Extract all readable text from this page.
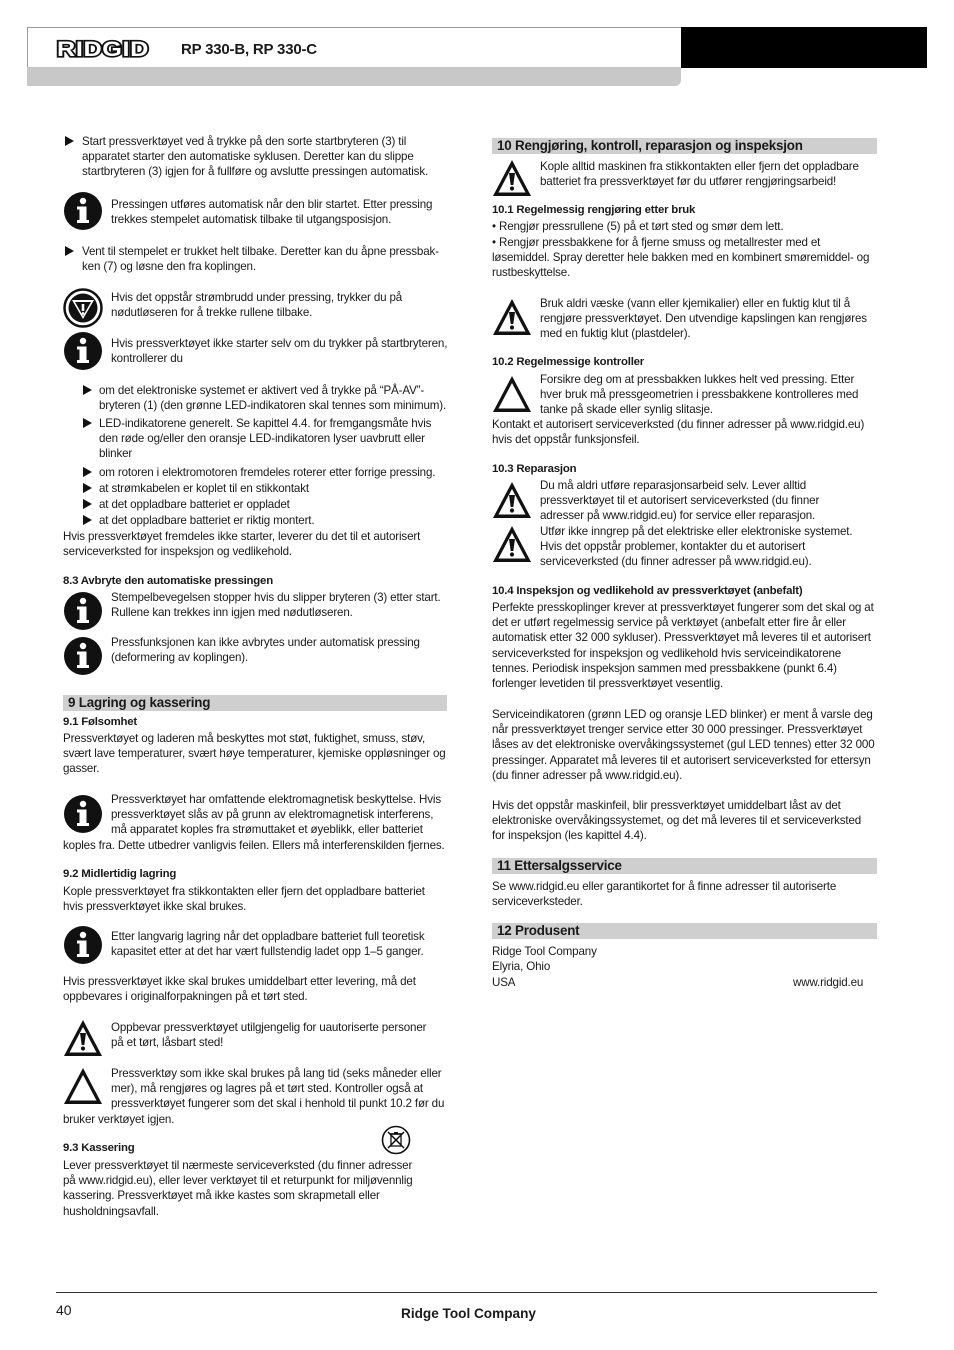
RIDGID RP 330-B, RP 330-C
Start pressverktøyet ved å trykke på den sorte startbryteren (3) til apparatet starter den automatiske syklusen. Deretter kan du slippe startbryteren (3) igjen for å fullføre og avslutte pressingen automatisk.
Pressingen utføres automatisk når den blir startet. Etter pressing trekkes stempelet automatisk tilbake til utgangsposisjon.
Vent til stempelet er trukket helt tilbake. Deretter kan du åpne pressbak- ken (7) og løsne den fra koplingen.
Hvis det oppstår strømbrudd under pressing, trykker du på nødutløseren for å trekke rullene tilbake.
Hvis pressverktøyet ikke starter selv om du trykker på startbryteren, kontrollerer du
om det elektroniske systemet er aktivert ved å trykke på “PÅ-AV”- bryteren (1) (den grønne LED-indikatoren skal tennes som minimum).
LED-indikatorene generelt. Se kapittel 4.4. for fremgangsmåte hvis den røde og/eller den oransje LED-indikatoren lyser uavbrutt eller blinker
om rotoren i elektromotoren fremdeles roterer etter forrige pressing.
at strømkabelen er koplet til en stikkontakt
at det oppladbare batteriet er oppladet
at det oppladbare batteriet er riktig montert.
Hvis pressverktøyet fremdeles ikke starter, leverer du det til et autorisert serviceverksted for inspeksjon og vedlikehold.
8.3 Avbryte den automatiske pressingen
Stempelbevegelsen stopper hvis du slipper bryteren (3) etter start. Rullene kan trekkes inn igjen med nødutløseren.
Pressfunksjonen kan ikke avbrytes under automatisk pressing (deformering av koplingen).
9 Lagring og kassering
9.1 Følsomhet
Pressverktøyet og laderen må beskyttes mot støt, fuktighet, smuss, støv, svært lave temperaturer, svært høye temperaturer, kjemiske oppløsninger og gasser.
Pressverktøyet har omfattende elektromagnetisk beskyttelse. Hvis pressverktøyet slås av på grunn av elektromagnetisk interferens, må apparatet koples fra strømuttaket et øyeblikk, eller batteriet
koples fra. Dette utbedrer vanligvis feilen. Ellers må interferenskilden fjernes.
9.2 Midlertidig lagring
Kople pressverktøyet fra stikkontakten eller fjern det oppladbare batteriet hvis pressverktøyet ikke skal brukes.
Etter langvarig lagring når det oppladbare batteriet full teoretisk kapasitet etter at det har vært fullstendig ladet opp 1–5 ganger.
Hvis pressverktøyet ikke skal brukes umiddelbart etter levering, må det oppbevares i originalforpakningen på et tørt sted.
Oppbevar pressverktøyet utilgjengelig for uautoriserte personer på et tørt, låsbart sted!
Pressverktøy som ikke skal brukes på lang tid (seks måneder eller mer), må rengjøres og lagres på et tørt sted. Kontroller også at pressverktøyet fungerer som det skal i henhold til punkt 10.2 før du
bruker verktøyet igjen.
9.3 Kassering
Lever pressverktøyet til nærmeste serviceverksted (du finner adresser på www.ridgid.eu), eller lever verktøyet til et returpunkt for miljøvennlig kassering. Pressverktøyet må ikke kastes som skrapmetall eller husholdningsavfall.
10 Rengjøring, kontroll, reparasjon og inspeksjon
Kople alltid maskinen fra stikkontakten eller fjern det oppladbare batteriet fra pressverktøyet før du utfører rengjøringsarbeid!
10.1 Regelmessig rengjøring etter bruk
• Rengjør pressrullene (5) på et tørt sted og smør dem lett.
• Rengjør pressbakkene for å fjerne smuss og metallrester med et løsemiddel. Spray deretter hele bakken med en kombinert smøremiddel- og rustbeskyttelse.
Bruk aldri væske (vann eller kjemikalier) eller en fuktig klut til å rengjøre pressverktøyet. Den utvendige kapslingen kan rengjøres med en fuktig klut (plastdeler).
10.2 Regelmessige kontroller
Forsikre deg om at pressbakken lukkes helt ved pressing. Etter hver bruk må pressgeometrien i pressbakkene kontrolleres med tanke på skade eller synlig slitasje.
Kontakt et autorisert serviceverksted (du finner adresser på www.ridgid.eu) hvis det oppstår funksjonsfeil.
10.3 Reparasjon
Du må aldri utføre reparasjonsarbeid selv. Lever alltid pressverktøyet til et autorisert serviceverksted (du finner adresser på www.ridgid.eu) for service eller reparasjon.
Utfør ikke inngrep på det elektriske eller elektroniske systemet. Hvis det oppstår problemer, kontakter du et autorisert serviceverksted (du finner adresser på www.ridgid.eu).
10.4 Inspeksjon og vedlikehold av pressverktøyet (anbefalt)
Perfekte presskoplinger krever at pressverktøyet fungerer som det skal og at det er utført regelmessig service på verktøyet (anbefalt etter fire år eller automatisk etter 32 000 sykluser). Pressverktøyet må leveres til et autorisert serviceverksted for inspeksjon og vedlikehold hvis serviceindikatorene tennes. Periodisk inspeksjon sammen med pressbakkene (punkt 6.4) forlenger levetiden til pressverktøyet vesentlig.
Serviceindikatoren (grønn LED og oransje LED blinker) er ment å varsle deg når pressverktøyet trenger service etter 30 000 pressinger. Pressverktøyet låses av det elektroniske overvåkingssystemet (gul LED tennes) etter 32 000 pressinger. Apparatet må leveres til et autorisert serviceverksted for ettersyn (du finner adresser på www.ridgid.eu).
Hvis det oppstår maskinfeil, blir pressverktøyet umiddelbart låst av det elektroniske overvåkingssystemet, og det må leveres til et serviceverksted for inspeksjon (les kapittel 4.4).
11 Ettersalgsservice
Se www.ridgid.eu eller garantikortet for å finne adresser til autoriserte serviceverksteder.
12 Produsent
Ridge Tool Company
Elyria, Ohio
USA	www.ridgid.eu
40	Ridge Tool Company
